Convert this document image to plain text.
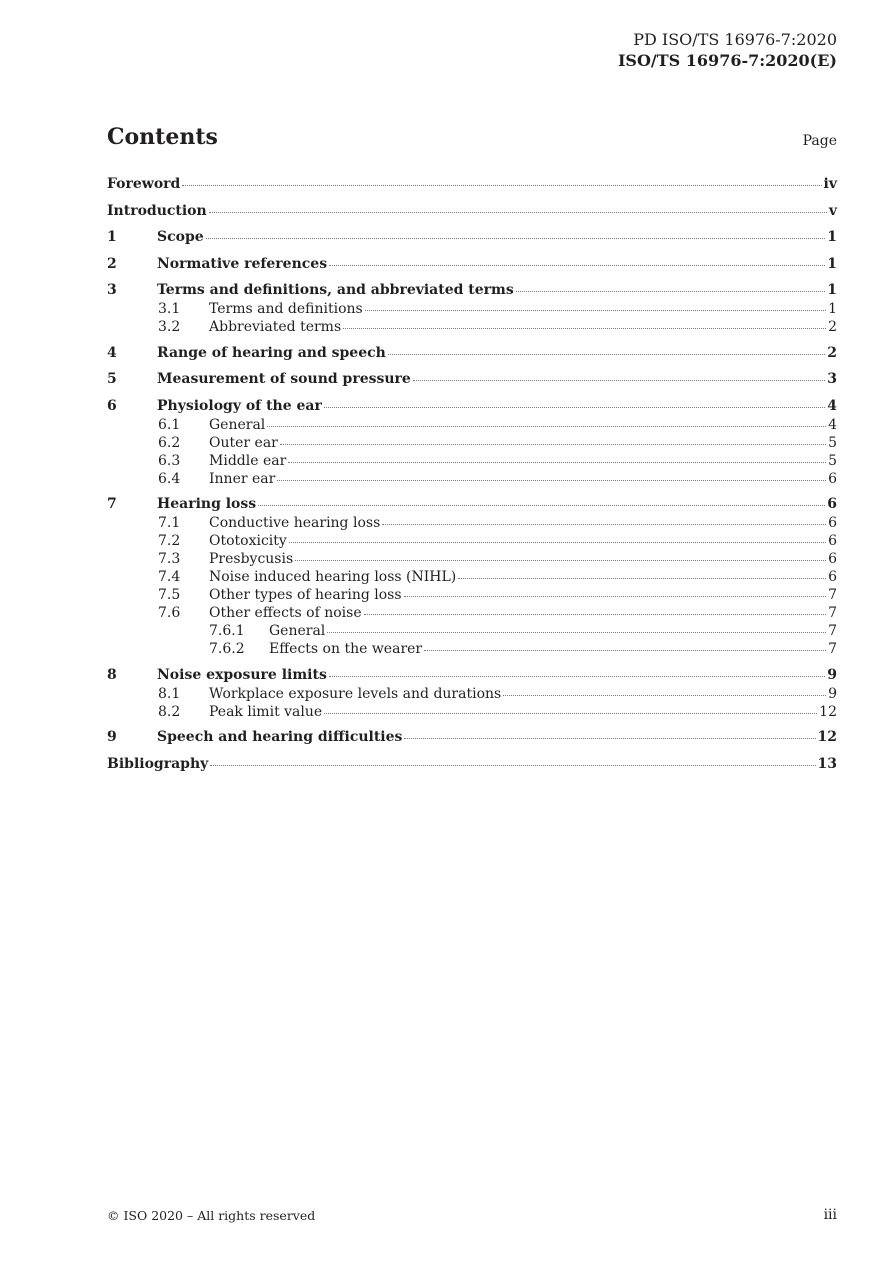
PD ISO/TS 16976-7:2020
ISO/TS 16976-7:2020(E)
Contents	Page
Foreword	iv
Introduction	v
1	Scope	1
2	Normative references	1
3	Terms and definitions, and abbreviated terms	1
3.1	Terms and definitions	1
3.2	Abbreviated terms	2
4	Range of hearing and speech	2
5	Measurement of sound pressure	3
6	Physiology of the ear	4
6.1	General	4
6.2	Outer ear	5
6.3	Middle ear	5
6.4	Inner ear	6
7	Hearing loss	6
7.1	Conductive hearing loss	6
7.2	Ototoxicity	6
7.3	Presbycusis	6
7.4	Noise induced hearing loss (NIHL)	6
7.5	Other types of hearing loss	7
7.6	Other effects of noise	7
7.6.1	General	7
7.6.2	Effects on the wearer	7
8	Noise exposure limits	9
8.1	Workplace exposure levels and durations	9
8.2	Peak limit value	12
9	Speech and hearing difficulties	12
Bibliography	13
© ISO 2020 – All rights reserved	iii
